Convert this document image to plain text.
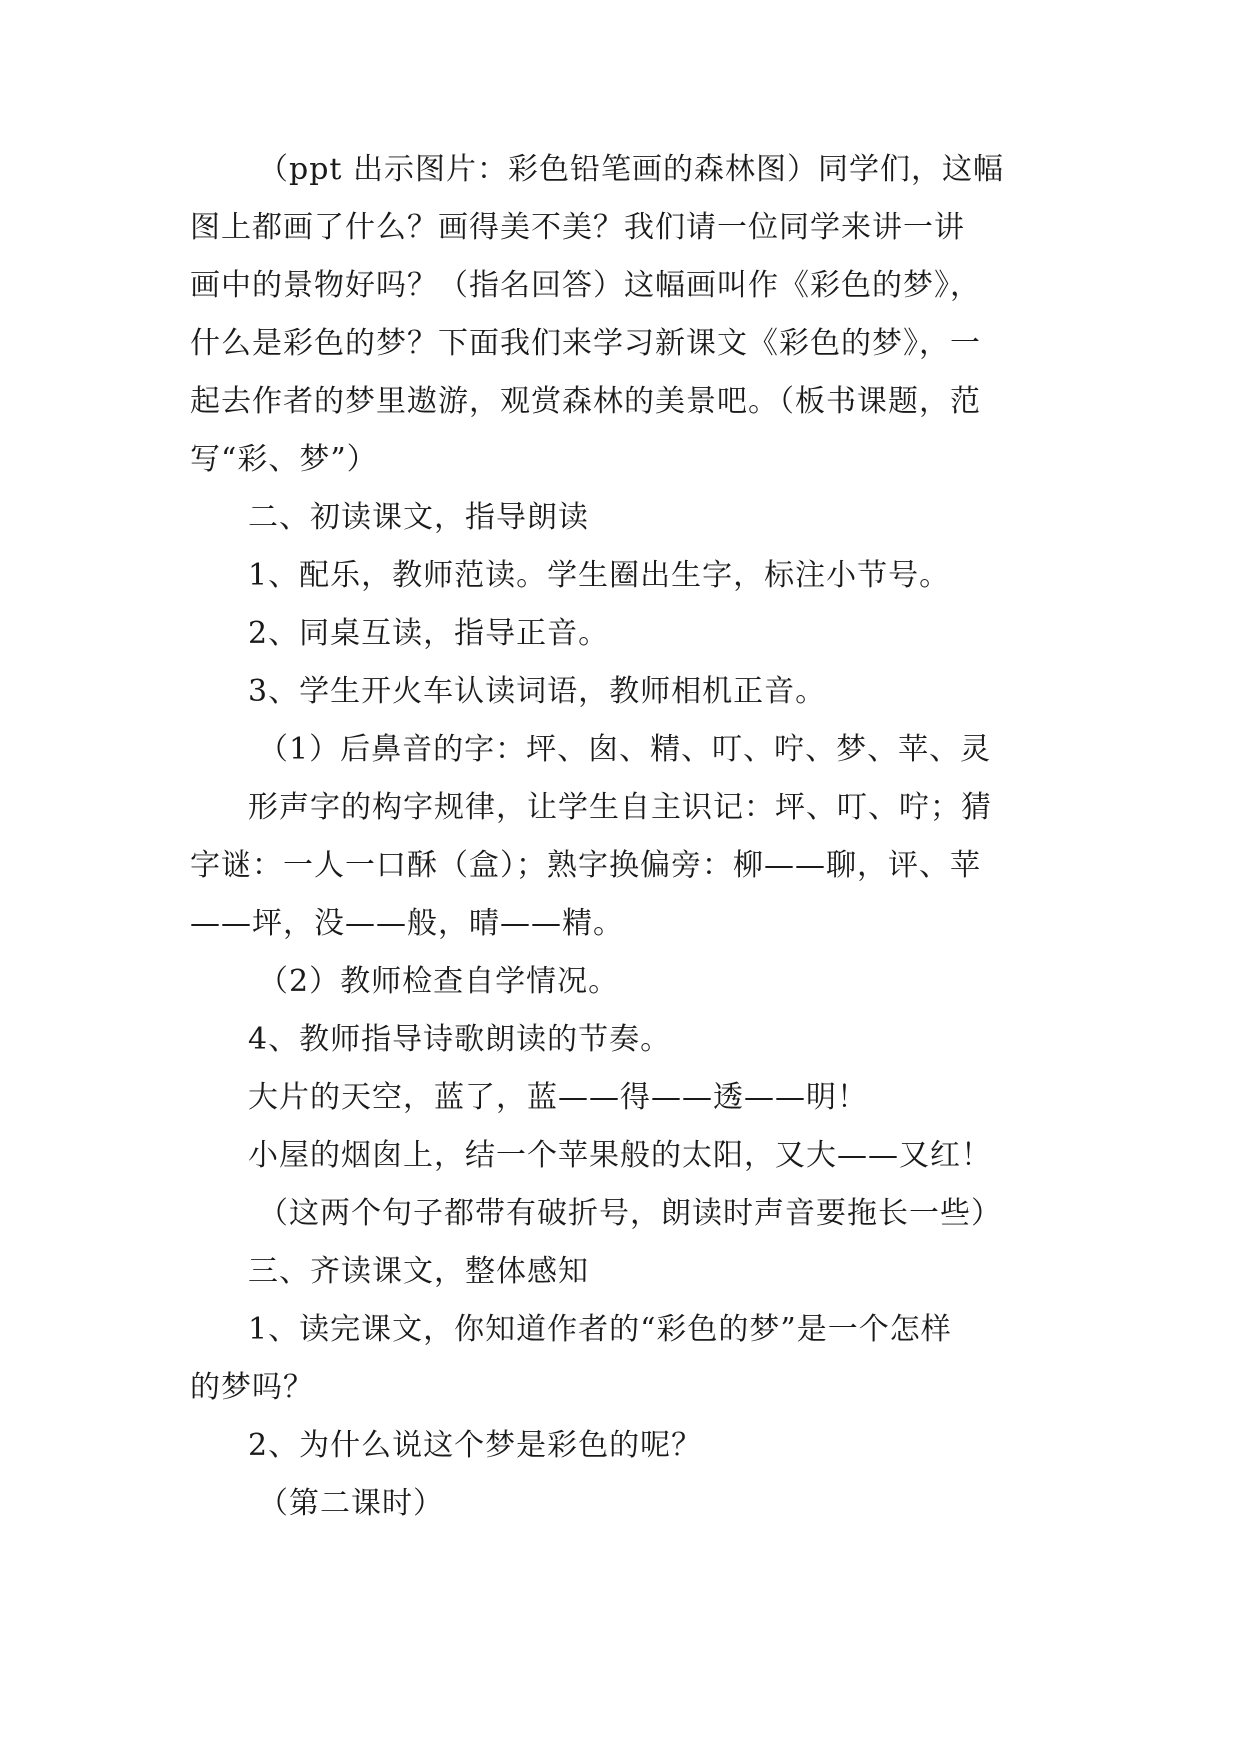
（ppt 出示图片：彩色铅笔画的森林图）同学们，这幅
图上都画了什么？画得美不美？我们请一位同学来讲一讲
画中的景物好吗？（指名回答）这幅画叫作《彩色的梦》，
什么是彩色的梦？下面我们来学习新课文《彩色的梦》，一
起去作者的梦里遨游，观赏森林的美景吧。（板书课题，范
写“彩、梦”）
二、初读课文，指导朗读
1、配乐，教师范读。学生圈出生字，标注小节号。
2、同桌互读，指导正音。
3、学生开火车认读词语，教师相机正音。
（1）后鼻音的字：坪、囱、精、叮、咛、梦、苹、灵
形声字的构字规律，让学生自主识记：坪、叮、咛；猜
字谜：一人一口酥（盒）；熟字换偏旁：柳——聊，评、苹
——坪，没——般，晴——精。
（2）教师检查自学情况。
4、教师指导诗歌朗读的节奏。
大片的天空，蓝了，蓝——得——透——明！
小屋的烟囱上，结一个苹果般的太阳，又大——又红！
（这两个句子都带有破折号，朗读时声音要拖长一些）
三、齐读课文，整体感知
1、读完课文，你知道作者的“彩色的梦”是一个怎样
的梦吗？
2、为什么说这个梦是彩色的呢？
（第二课时）
